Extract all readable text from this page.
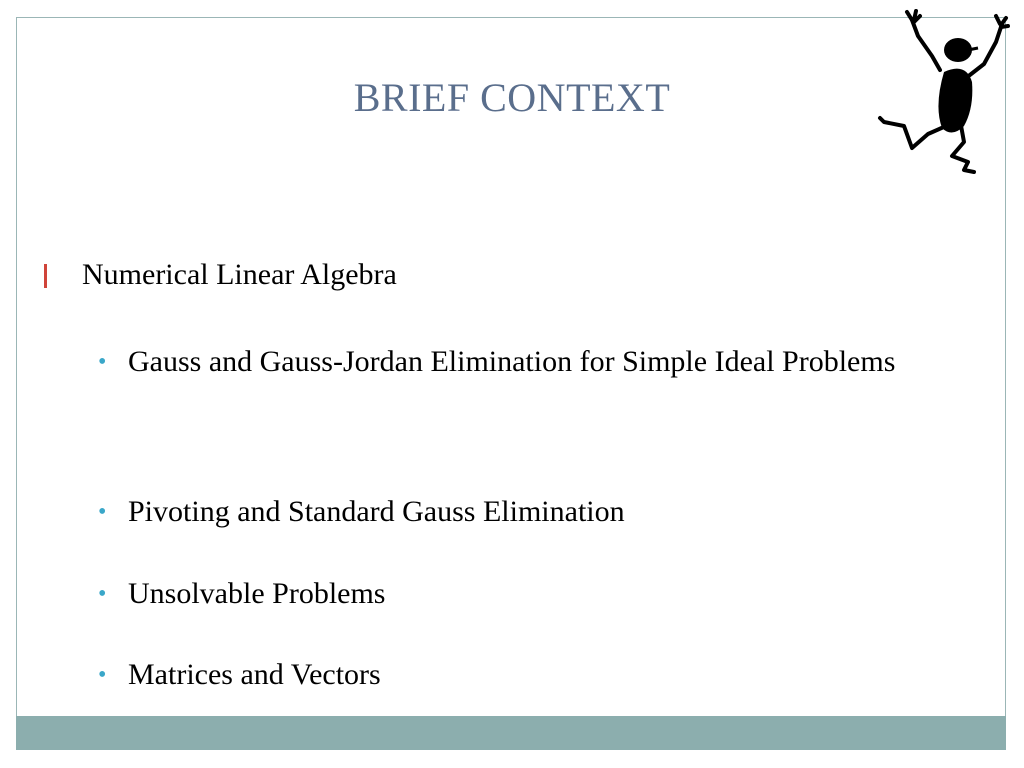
BRIEF CONTEXT
Numerical Linear Algebra
• Gauss and Gauss-Jordan Elimination for Simple Ideal Problems
• Pivoting and Standard Gauss Elimination
• Unsolvable Problems
• Matrices and Vectors
